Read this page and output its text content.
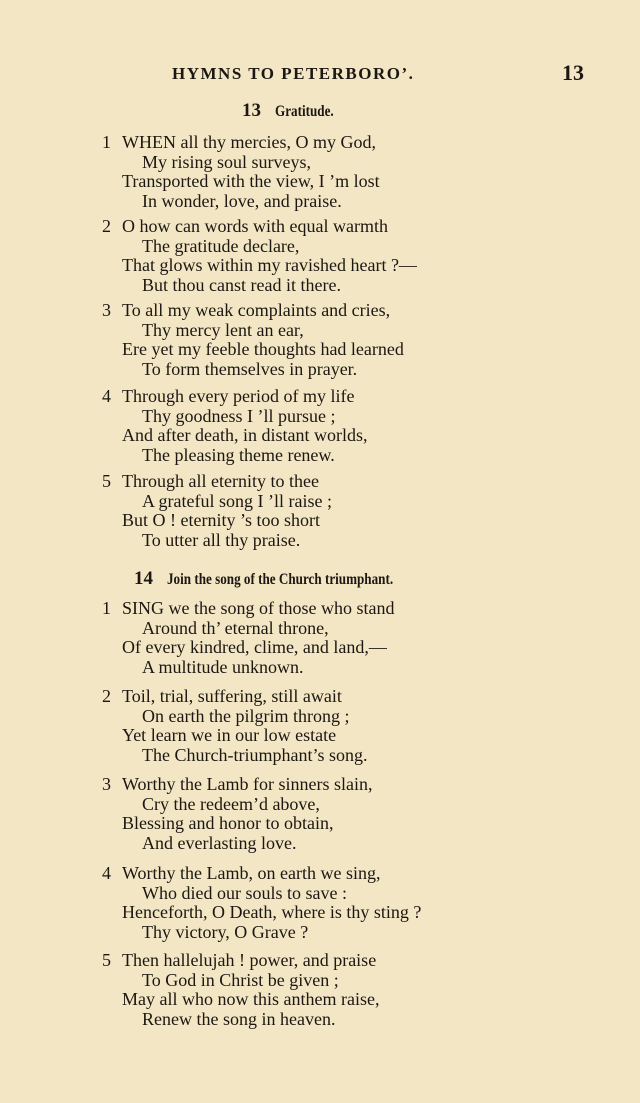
HYMNS TO PETERBORO’.	13
13 Gratitude.
1 WHEN all thy mercies, O my God,
My rising soul surveys,
Transported with the view, I ’m lost
In wonder, love, and praise.
2 O how can words with equal warmth
The gratitude declare,
That glows within my ravished heart ?—
But thou canst read it there.
3 To all my weak complaints and cries,
Thy mercy lent an ear,
Ere yet my feeble thoughts had learned
To form themselves in prayer.
4 Through every period of my life
Thy goodness I ’ll pursue ;
And after death, in distant worlds,
The pleasing theme renew.
5 Through all eternity to thee
A grateful song I ’ll raise ;
But O ! eternity ’s too short
To utter all thy praise.
14 Join the song of the Church triumphant.
1 SING we the song of those who stand
Around th’ eternal throne,
Of every kindred, clime, and land,—
A multitude unknown.
2 Toil, trial, suffering, still await
On earth the pilgrim throng ;
Yet learn we in our low estate
The Church-triumphant’s song.
3 Worthy the Lamb for sinners slain,
Cry the redeem’d above,
Blessing and honor to obtain,
And everlasting love.
4 Worthy the Lamb, on earth we sing,
Who died our souls to save :
Henceforth, O Death, where is thy sting ?
Thy victory, O Grave ?
5 Then hallelujah ! power, and praise
To God in Christ be given ;
May all who now this anthem raise,
Renew the song in heaven.
